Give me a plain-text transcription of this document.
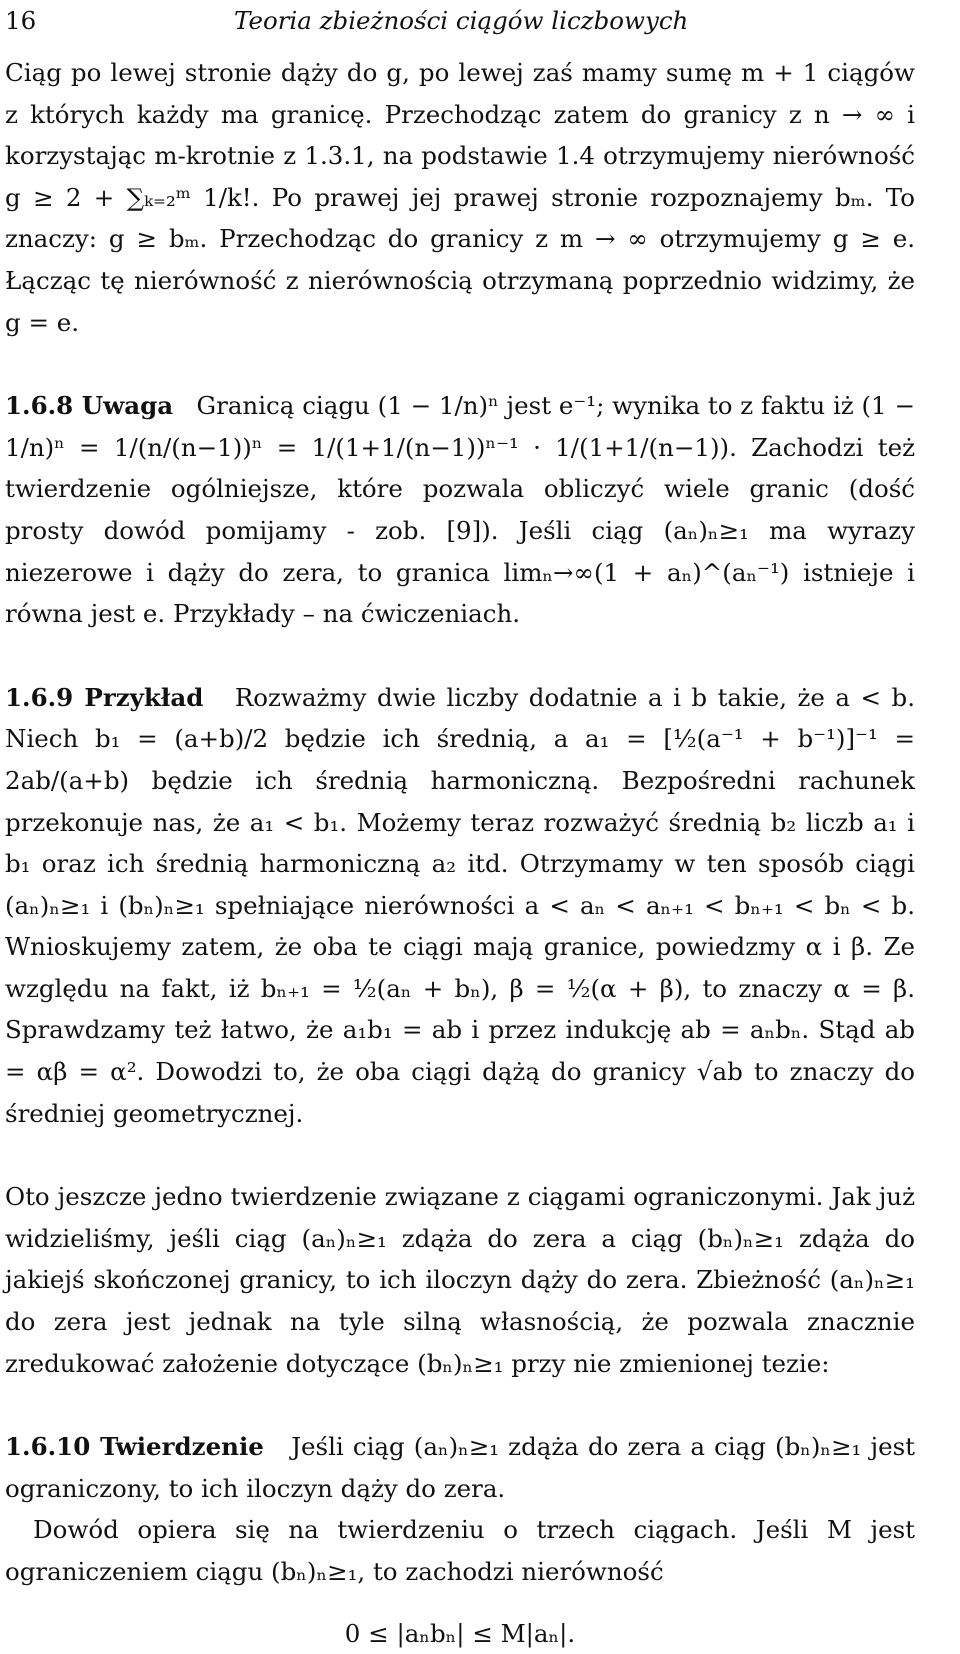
16	Teoria zbieżności ciągów liczbowych

Ciąg po lewej stronie dąży do g, po lewej zaś mamy sumę m + 1 ciągów z których każdy ma granicę. Przechodząc zatem do granicy z n → ∞ i korzystając m-krotnie z 1.3.1, na podstawie 1.4 otrzymujemy nierówność g ≥ 2 + ∑ₖ₌₂ᵐ 1/k!. Po prawej jej prawej stronie rozpoznajemy bₘ. To znaczy: g ≥ bₘ. Przechodząc do granicy z m → ∞ otrzymujemy g ≥ e. Łącząc tę nierówność z nierównością otrzymaną poprzednio widzimy, że g = e.

1.6.8 Uwaga Granicą ciągu (1 − 1/n)ⁿ jest e⁻¹; wynika to z faktu iż (1 − 1/n)ⁿ = 1/(n/(n−1))ⁿ = 1/(1+1/(n−1))ⁿ⁻¹ · 1/(1+1/(n−1)). Zachodzi też twierdzenie ogólniejsze, które pozwala obliczyć wiele granic (dość prosty dowód pomijamy - zob. [9]). Jeśli ciąg (aₙ)ₙ≥₁ ma wyrazy niezerowe i dąży do zera, to granica limₙ→∞(1 + aₙ)^(aₙ⁻¹) istnieje i równa jest e. Przykłady – na ćwiczeniach.

1.6.9 Przykład Rozważmy dwie liczby dodatnie a i b takie, że a < b. Niech b₁ = (a+b)/2 będzie ich średnią, a a₁ = [½(a⁻¹ + b⁻¹)]⁻¹ = 2ab/(a+b) będzie ich średnią harmoniczną. Bezpośredni rachunek przekonuje nas, że a₁ < b₁. Możemy teraz rozważyć średnią b₂ liczb a₁ i b₁ oraz ich średnią harmoniczną a₂ itd. Otrzymamy w ten sposób ciągi (aₙ)ₙ≥₁ i (bₙ)ₙ≥₁ spełniające nierówności a < aₙ < aₙ₊₁ < bₙ₊₁ < bₙ < b. Wnioskujemy zatem, że oba te ciągi mają granice, powiedzmy α i β. Ze względu na fakt, iż bₙ₊₁ = ½(aₙ + bₙ), β = ½(α + β), to znaczy α = β. Sprawdzamy też łatwo, że a₁b₁ = ab i przez indukcję ab = aₙbₙ. Stąd ab = αβ = α². Dowodzi to, że oba ciągi dążą do granicy √ab to znaczy do średniej geometrycznej.

Oto jeszcze jedno twierdzenie związane z ciągami ograniczonymi. Jak już widzieliśmy, jeśli ciąg (aₙ)ₙ≥₁ zdąża do zera a ciąg (bₙ)ₙ≥₁ zdąża do jakiejś skończonej granicy, to ich iloczyn dąży do zera. Zbieżność (aₙ)ₙ≥₁ do zera jest jednak na tyle silną własnością, że pozwala znacznie zredukować założenie dotyczące (bₙ)ₙ≥₁ przy nie zmienionej tezie:

1.6.10 Twierdzenie Jeśli ciąg (aₙ)ₙ≥₁ zdąża do zera a ciąg (bₙ)ₙ≥₁ jest ograniczony, to ich iloczyn dąży do zera.

Dowód opiera się na twierdzeniu o trzech ciągach. Jeśli M jest ograniczeniem ciągu (bₙ)ₙ≥₁, to zachodzi nierówność

0 ≤ |aₙbₙ| ≤ M|aₙ|.
